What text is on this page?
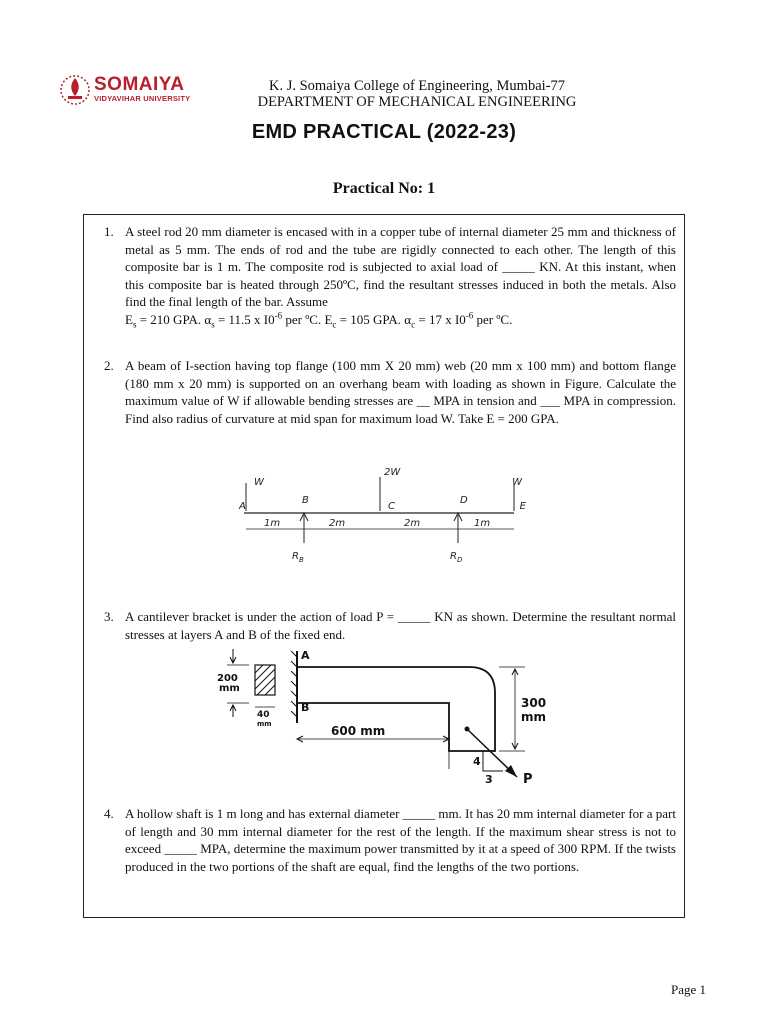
SOMAIYA
VIDYAVIHAR UNIVERSITY
K. J. Somaiya College of Engineering, Mumbai-77
DEPARTMENT OF MECHANICAL ENGINEERING
EMD PRACTICAL (2022-23)
Practical No: 1
1. A steel rod 20 mm diameter is encased with in a copper tube of internal diameter 25 mm and thickness of metal as 5 mm. The ends of rod and the tube are rigidly connected to each other. The length of this composite bar is 1 m. The composite rod is subjected to axial load of _____ KN. At this instant, when this composite bar is heated through 250ºC, find the resultant stresses induced in both the metals. Also find the final length of the bar. Assume
$E_s = 210$ GPA. $\alpha_s = 11.5$ x $I0^{-6}$ per ºC. $E_c = 105$ GPA. $\alpha_c = 17$ x $I0^{-6}$ per ºC.
2. A beam of I-section having top flange (100 mm X 20 mm) web (20 mm x 100 mm) and bottom flange (180 mm x 20 mm) is supported on an overhang beam with loading as shown in Figure. Calculate the maximum value of W if allowable bending stresses are __ MPA in tension and ___ MPA in compression. Find also radius of curvature at mid span for maximum load W. Take E = 200 GPA.
W
2W
W
A
B
C
D
E
1m	2m	2m	1m
$R_B$	$R_D$
3. A cantilever bracket is under the action of load P = _____ KN as shown. Determine the resultant normal stresses at layers A and B of the fixed end.
A
B
200
mm
40
mm	600 mm
300
mm
4
3 P
4. A hollow shaft is 1 m long and has external diameter _____ mm. It has 20 mm internal diameter for a part of length and 30 mm internal diameter for the rest of the length. If the maximum shear stress is not to exceed _____ MPA, determine the maximum power transmitted by it at a speed of 300 RPM. If the twists produced in the two portions of the shaft are equal, find the lengths of the two portions.
Page 1
